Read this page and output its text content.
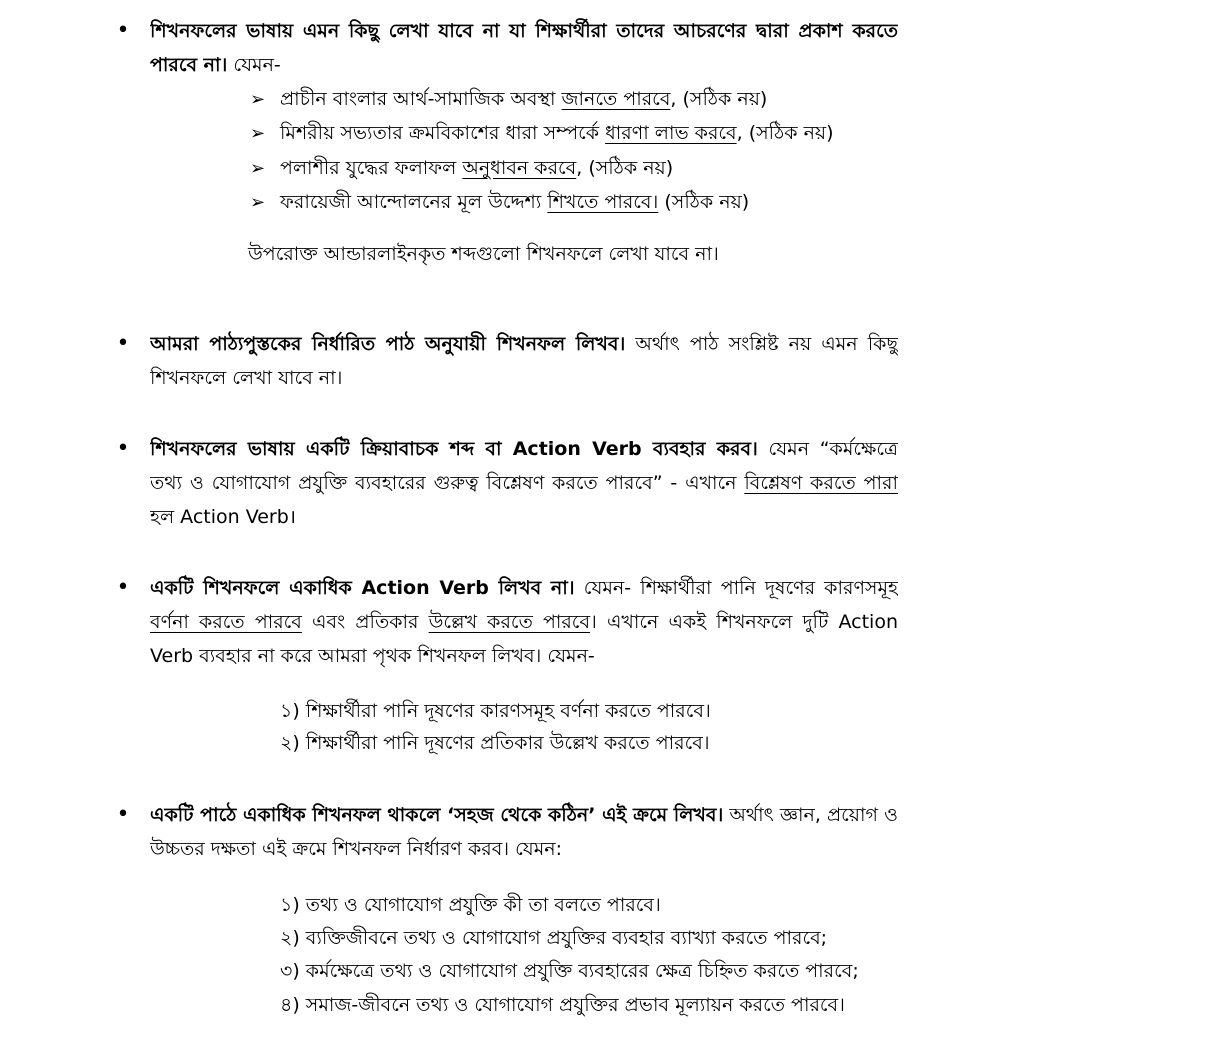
• শিখনফলের ভাষায় এমন কিছু লেখা যাবে না যা শিক্ষার্থীরা তাদের আচরণের দ্বারা প্রকাশ করতে
পারবে না। যেমন-
➢ প্রাচীন বাংলার আর্থ-সামাজিক অবস্থা জানতে পারবে, (সঠিক নয়)
➢ মিশরীয় সভ্যতার ক্রমবিকাশের ধারা সম্পর্কে ধারণা লাভ করবে, (সঠিক নয়)
➢ পলাশীর যুদ্ধের ফলাফল অনুধাবন করবে, (সঠিক নয়)
➢ ফরায়েজী আন্দোলনের মূল উদ্দেশ্য শিখতে পারবে। (সঠিক নয়)
উপরোক্ত আন্ডারলাইনকৃত শব্দগুলো শিখনফলে লেখা যাবে না।
• আমরা পাঠ্যপুস্তকের নির্ধারিত পাঠ অনুযায়ী শিখনফল লিখব। অর্থাৎ পাঠ সংশ্লিষ্ট নয় এমন কিছু
শিখনফলে লেখা যাবে না।
• শিখনফলের ভাষায় একটি ক্রিয়াবাচক শব্দ বা Action Verb ব্যবহার করব। যেমন “কর্মক্ষেত্রে
তথ্য ও যোগাযোগ প্রযুক্তি ব্যবহারের গুরুত্ব বিশ্লেষণ করতে পারবে” - এখানে বিশ্লেষণ করতে পারা
হল Action Verb।
• একটি শিখনফলে একাধিক Action Verb লিখব না। যেমন- শিক্ষার্থীরা পানি দূষণের কারণসমূহ
বর্ণনা করতে পারবে এবং প্রতিকার উল্লেখ করতে পারবে। এখানে একই শিখনফলে দুটি Action
Verb ব্যবহার না করে আমরা পৃথক শিখনফল লিখব। যেমন-
১) শিক্ষার্থীরা পানি দূষণের কারণসমূহ বর্ণনা করতে পারবে।
২) শিক্ষার্থীরা পানি দূষণের প্রতিকার উল্লেখ করতে পারবে।
• একটি পাঠে একাধিক শিখনফল থাকলে ‘সহজ থেকে কঠিন’ এই ক্রমে লিখব। অর্থাৎ জ্ঞান, প্রয়োগ ও
উচ্চতর দক্ষতা এই ক্রমে শিখনফল নির্ধারণ করব। যেমন:
১) তথ্য ও যোগাযোগ প্রযুক্তি কী তা বলতে পারবে।
২) ব্যক্তিজীবনে তথ্য ও যোগাযোগ প্রযুক্তির ব্যবহার ব্যাখ্যা করতে পারবে;
৩) কর্মক্ষেত্রে তথ্য ও যোগাযোগ প্রযুক্তি ব্যবহারের ক্ষেত্র চিহ্নিত করতে পারবে;
৪) সমাজ-জীবনে তথ্য ও যোগাযোগ প্রযুক্তির প্রভাব মূল্যায়ন করতে পারবে।
